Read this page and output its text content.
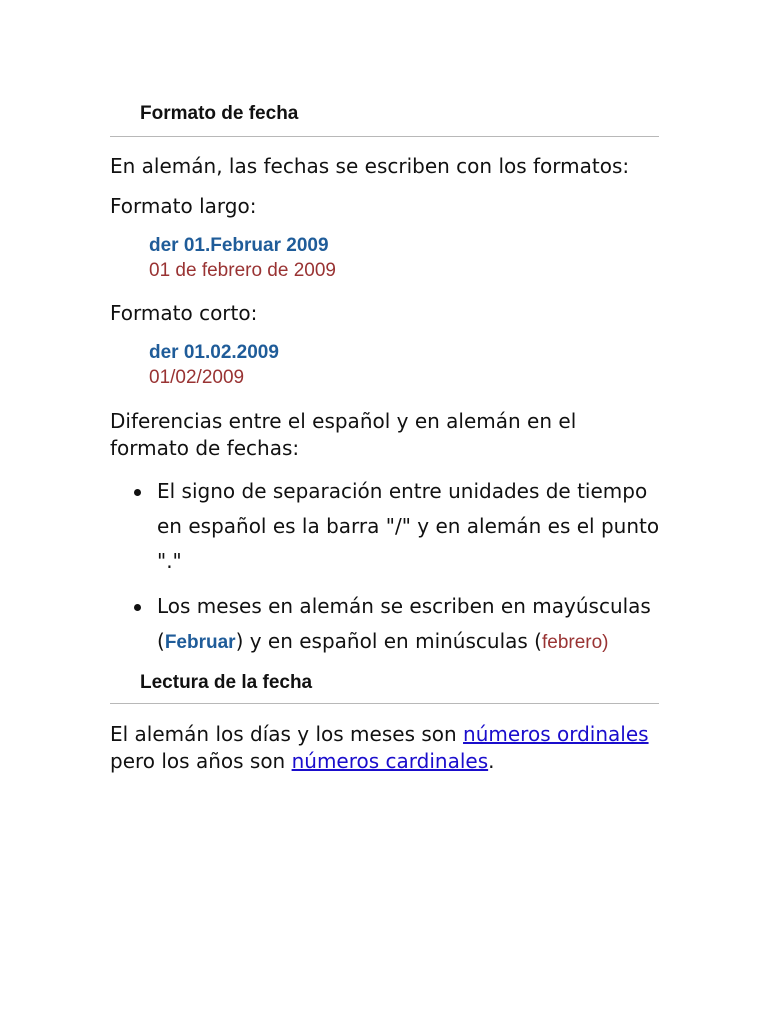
Formato de fecha
En alemán, las fechas se escriben con los formatos:
Formato largo:
der 01.Februar 2009
01 de febrero de 2009
Formato corto:
der 01.02.2009
01/02/2009
Diferencias entre el español y en alemán en el formato de fechas:
El signo de separación entre unidades de tiempo en español es la barra "/" y en alemán es el punto "."
Los meses en alemán se escriben en mayúsculas (Februar) y en español en minúsculas (febrero)
Lectura de la fecha
El alemán los días y los meses son números ordinales pero los años son números cardinales.
